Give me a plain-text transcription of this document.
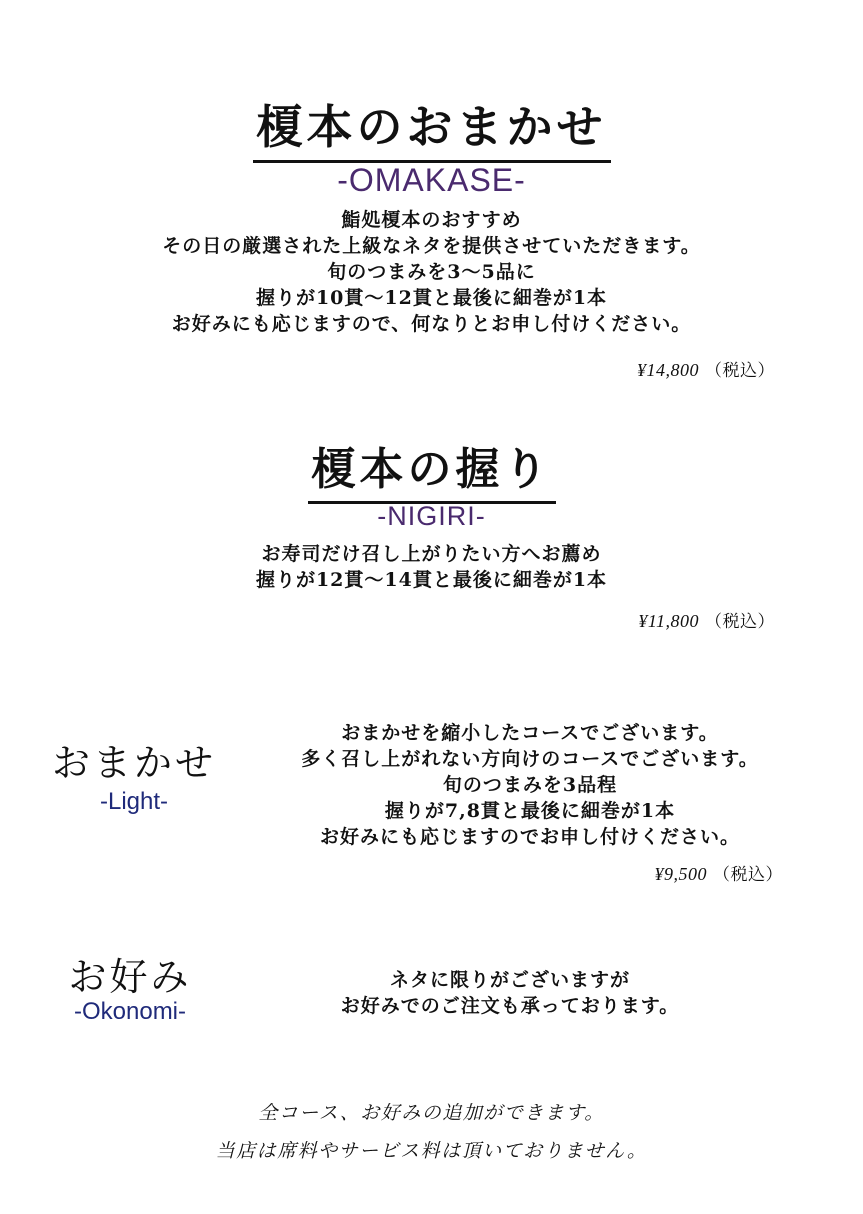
榎本のおまかせ
-OMAKASE-
鮨処榎本のおすすめ
その日の厳選された上級なネタを提供させていただきます。
旬のつまみを3〜5品に
握りが10貫〜12貫と最後に細巻が1本
お好みにも応じますので、何なりとお申し付けください。
¥14,800 （税込）
榎本の握り
-NIGIRI-
お寿司だけ召し上がりたい方へお薦め
握りが12貫〜14貫と最後に細巻が1本
¥11,800 （税込）
おまかせ
-Light-
おまかせを縮小したコースでございます。
多く召し上がれない方向けのコースでございます。
旬のつまみを3品程
握りが7,8貫と最後に細巻が1本
お好みにも応じますのでお申し付けください。
¥9,500 （税込）
お好み
-Okonomi-
ネタに限りがございますが
お好みでのご注文も承っております。
全コース、お好みの追加ができます。
当店は席料やサービス料は頂いておりません。
